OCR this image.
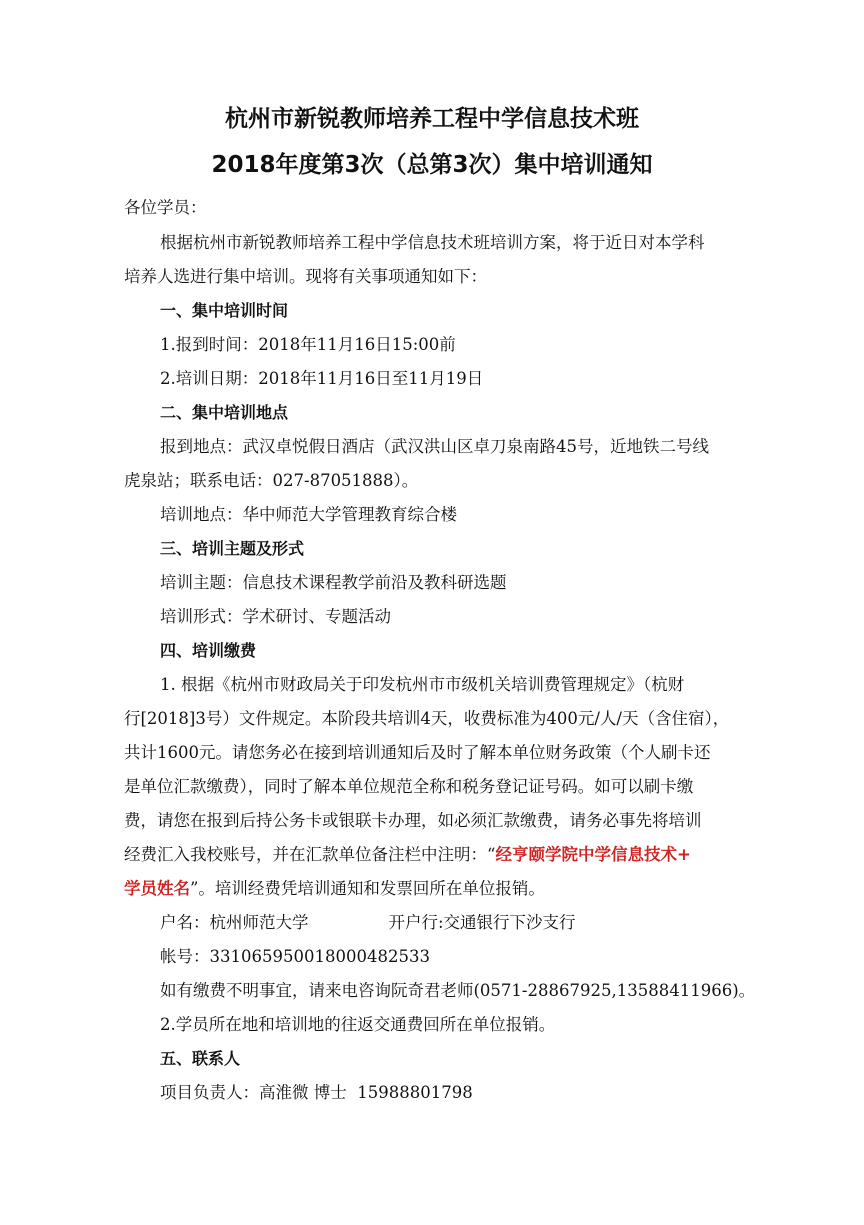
杭州市新锐教师培养工程中学信息技术班
2018年度第3次（总第3次）集中培训通知
各位学员：
根据杭州市新锐教师培养工程中学信息技术班培训方案，将于近日对本学科
培养人选进行集中培训。现将有关事项通知如下：
一、集中培训时间
1.报到时间：2018年11月16日15:00前
2.培训日期：2018年11月16日至11月19日
二、集中培训地点
报到地点：武汉卓悦假日酒店（武汉洪山区卓刀泉南路45号，近地铁二号线
虎泉站；联系电话：027-87051888）。
培训地点：华中师范大学管理教育综合楼
三、培训主题及形式
培训主题：信息技术课程教学前沿及教科研选题
培训形式：学术研讨、专题活动
四、培训缴费
1. 根据《杭州市财政局关于印发杭州市市级机关培训费管理规定》（杭财
行[2018]3号）文件规定。本阶段共培训4天，收费标准为400元/人/天（含住宿），
共计1600元。请您务必在接到培训通知后及时了解本单位财务政策（个人刷卡还
是单位汇款缴费），同时了解本单位规范全称和税务登记证号码。如可以刷卡缴
费，请您在报到后持公务卡或银联卡办理，如必须汇款缴费，请务必事先将培训
经费汇入我校账号，并在汇款单位备注栏中注明：“经亨颐学院中学信息技术+
学员姓名”。培训经费凭培训通知和发票回所在单位报销。
户名：杭州师范大学	开户行:交通银行下沙支行
帐号：331065950018000482533
如有缴费不明事宜，请来电咨询阮奇君老师(0571-28867925,13588411966)。
2.学员所在地和培训地的往返交通费回所在单位报销。
五、联系人
项目负责人：高淮微 博士  15988801798
